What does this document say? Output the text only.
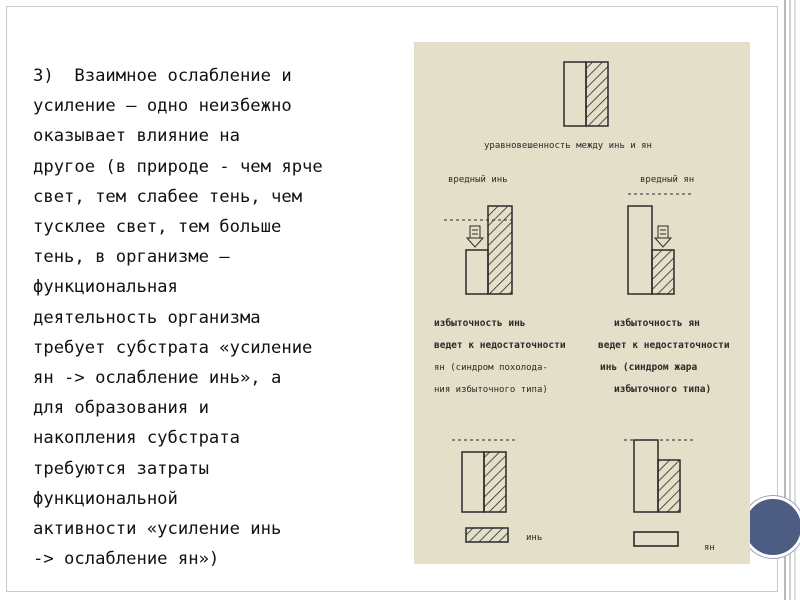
3)  Взаимное ослабление и
усиление – одно неизбежно
оказывает влияние на
другое (в природе - чем ярче
свет, тем слабее тень, чем
тусклее свет, тем больше
тень, в организме –
функциональная
деятельность организма
требует субстрата «усиление
ян -> ослабление инь», а
для образования и
накопления субстрата
требуются затраты
функциональной
активности «усиление инь
-> ослабление ян»)

уравновешенность между инь и ян
вредный инь	вредный ян
избыточность инь
ведет к недостаточности
ян (синдром похолода-
ния избыточного типа)
избыточность ян
ведет к недостаточности
инь (синдром жара
избыточного типа)
инь
ян
